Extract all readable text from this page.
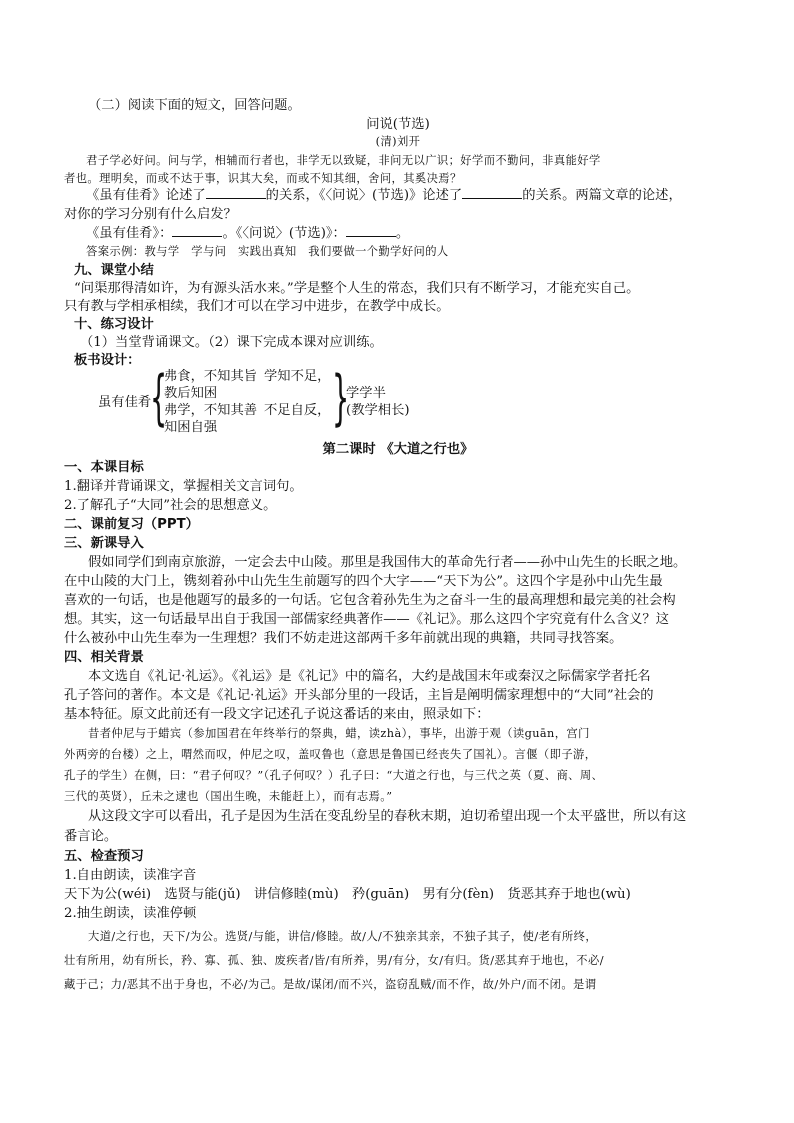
（二）阅读下面的短文，回答问题。
问说(节选)
(清)刘开
君子学必好问。问与学，相辅而行者也，非学无以致疑，非问无以广识；好学而不勤问，非真能好学
者也。理明矣，而或不达于事，识其大矣，而或不知其细，舍问，其奚决焉？
《虽有佳肴》论述了	的关系，《〈问说〉(节选)》论述了	的关系。两篇文章的论述，
对你的学习分别有什么启发？
《虽有佳肴》：	。《〈问说〉(节选)》：	。
答案示例：教与学　学与问　实践出真知　我们要做一个勤学好问的人
九、课堂小结
“问渠那得清如许，为有源头活水来。”学是整个人生的常态，我们只有不断学习，才能充实自己。
只有教与学相承相续，我们才可以在学习中进步，在教学中成长。
十、练习设计
（1）当堂背诵课文。（2）课下完成本课对应训练。
板书设计：
虽有佳肴
{
弗食，不知其旨 学知不足，
教后知困
弗学，不知其善 不足自反，
知困自强 }
学学半
(教学相长)
第二课时 《大道之行也》
一、本课目标
1.翻译并背诵课文，掌握相关文言词句。
2.了解孔子“大同”社会的思想意义。
二、课前复习（PPT）
三、新课导入
假如同学们到南京旅游，一定会去中山陵。那里是我国伟大的革命先行者——孙中山先生的长眠之地。
在中山陵的大门上，镌刻着孙中山先生生前题写的四个大字——“天下为公”。这四个字是孙中山先生最
喜欢的一句话，也是他题写的最多的一句话。它包含着孙先生为之奋斗一生的最高理想和最完美的社会构
想。其实，这一句话最早出自于我国一部儒家经典著作——《礼记》。那么这四个字究竟有什么含义？这
什么被孙中山先生奉为一生理想？我们不妨走进这部两千多年前就出现的典籍，共同寻找答案。
四、相关背景
本文选自《礼记·礼运》。《礼运》是《礼记》中的篇名，大约是战国末年或秦汉之际儒家学者托名
孔子答问的著作。本文是《礼记·礼运》开头部分里的一段话，主旨是阐明儒家理想中的“大同”社会的
基本特征。原文此前还有一段文字记述孔子说这番话的来由，照录如下：
昔者仲尼与于蜡宾（参加国君在年终举行的祭典，蜡，读zhà），事毕，出游于观（读guān，宫门
外两旁的台楼）之上，喟然而叹，仲尼之叹，盖叹鲁也（意思是鲁国已经丧失了国礼）。言偃（即子游，
孔子的学生）在侧，曰：“君子何叹？”（孔子何叹？）孔子曰：“大道之行也，与三代之英（夏、商、周、
三代的英贤），丘未之逮也（国出生晚，未能赶上），而有志焉。”
从这段文字可以看出，孔子是因为生活在变乱纷呈的春秋末期，迫切希望出现一个太平盛世，所以有这
番言论。
五、检查预习
1.自由朗读，读准字音
天下为公(wéi)　选贤与能(jǔ)　讲信修睦(mù)　矜(guān)　男有分(fèn)　货恶其弃于地也(wù)
2.抽生朗读，读准停顿
大道/之行也，天下/为公。选贤/与能，讲信/修睦。故/人/不独亲其亲，不独子其子，使/老有所终，
壮有所用，幼有所长，矜、寡、孤、独、废疾者/皆/有所养，男/有分，女/有归。货/恶其弃于地也，不必/
藏于己；力/恶其不出于身也，不必/为己。是故/谋闭/而不兴，盗窃乱贼/而不作，故/外户/而不闭。是谓
